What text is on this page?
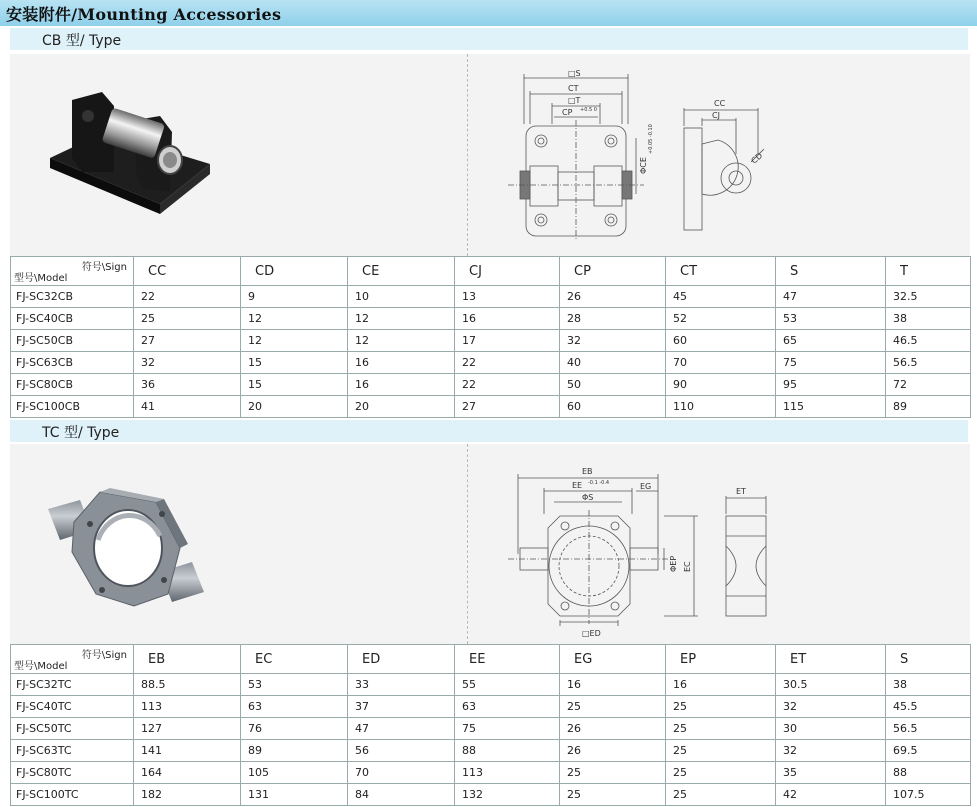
安装附件/Mounting Accessories
CB 型/ Type
□S
CT
□T
CP +0.5 0
ΦCE
+0.05 -0.10
CC
CJ
CD
符号\Sign
型号\Model	CC	CD	CE	CJ	CP	CT	S	T
FJ-SC32CB	22	9	10	13	26	45	47	32.5
FJ-SC40CB	25	12	12	16	28	52	53	38
FJ-SC50CB	27	12	12	17	32	60	65	46.5
FJ-SC63CB	32	15	16	22	40	70	75	56.5
FJ-SC80CB	36	15	16	22	50	90	95	72
FJ-SC100CB	41	20	20	27	60	110	115	89
TC 型/ Type
EB
EE -0.1 -0.4	EG
ΦS
ΦEP EC
□ED
ET
符号\Sign
型号\Model	EB	EC	ED	EE	EG	EP	ET	S
FJ-SC32TC	88.5	53	33	55	16	16	30.5	38
FJ-SC40TC	113	63	37	63	25	25	32	45.5
FJ-SC50TC	127	76	47	75	26	25	30	56.5
FJ-SC63TC	141	89	56	88	26	25	32	69.5
FJ-SC80TC	164	105	70	113	25	25	35	88
FJ-SC100TC	182	131	84	132	25	25	42	107.5
